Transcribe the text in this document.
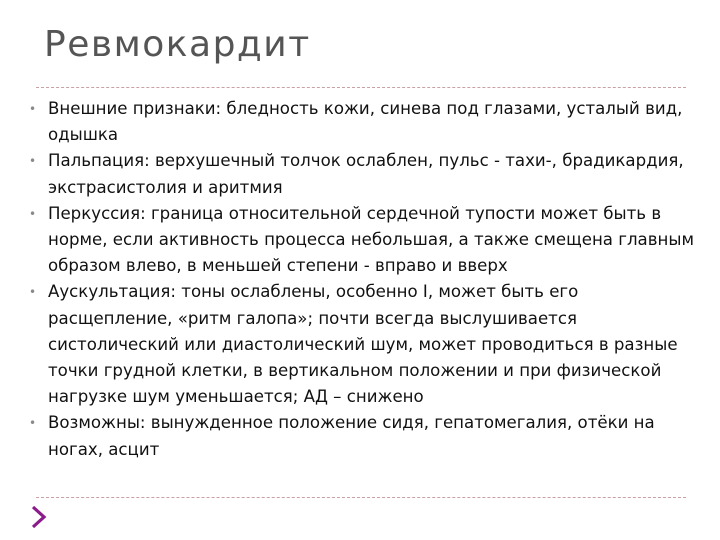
Ревмокардит
• Внешние признаки: бледность кожи, синева под глазами, усталый вид, одышка
• Пальпация: верхушечный толчок ослаблен, пульс - тахи-, брадикардия, экстрасистолия и аритмия
• Перкуссия: граница относительной сердечной тупости может быть в норме, если активность процесса небольшая, а также смещена главным образом влево, в меньшей степени - вправо и вверх
• Аускультация: тоны ослаблены, особенно I, может быть его расщепление, «ритм галопа»; почти всегда выслушивается систолический или диастолический шум, может проводиться в разные точки грудной клетки, в вертикальном положении и при физической нагрузке шум уменьшается; АД – снижено
• Возможны: вынужденное положение сидя, гепатомегалия, отёки на ногах, асцит
